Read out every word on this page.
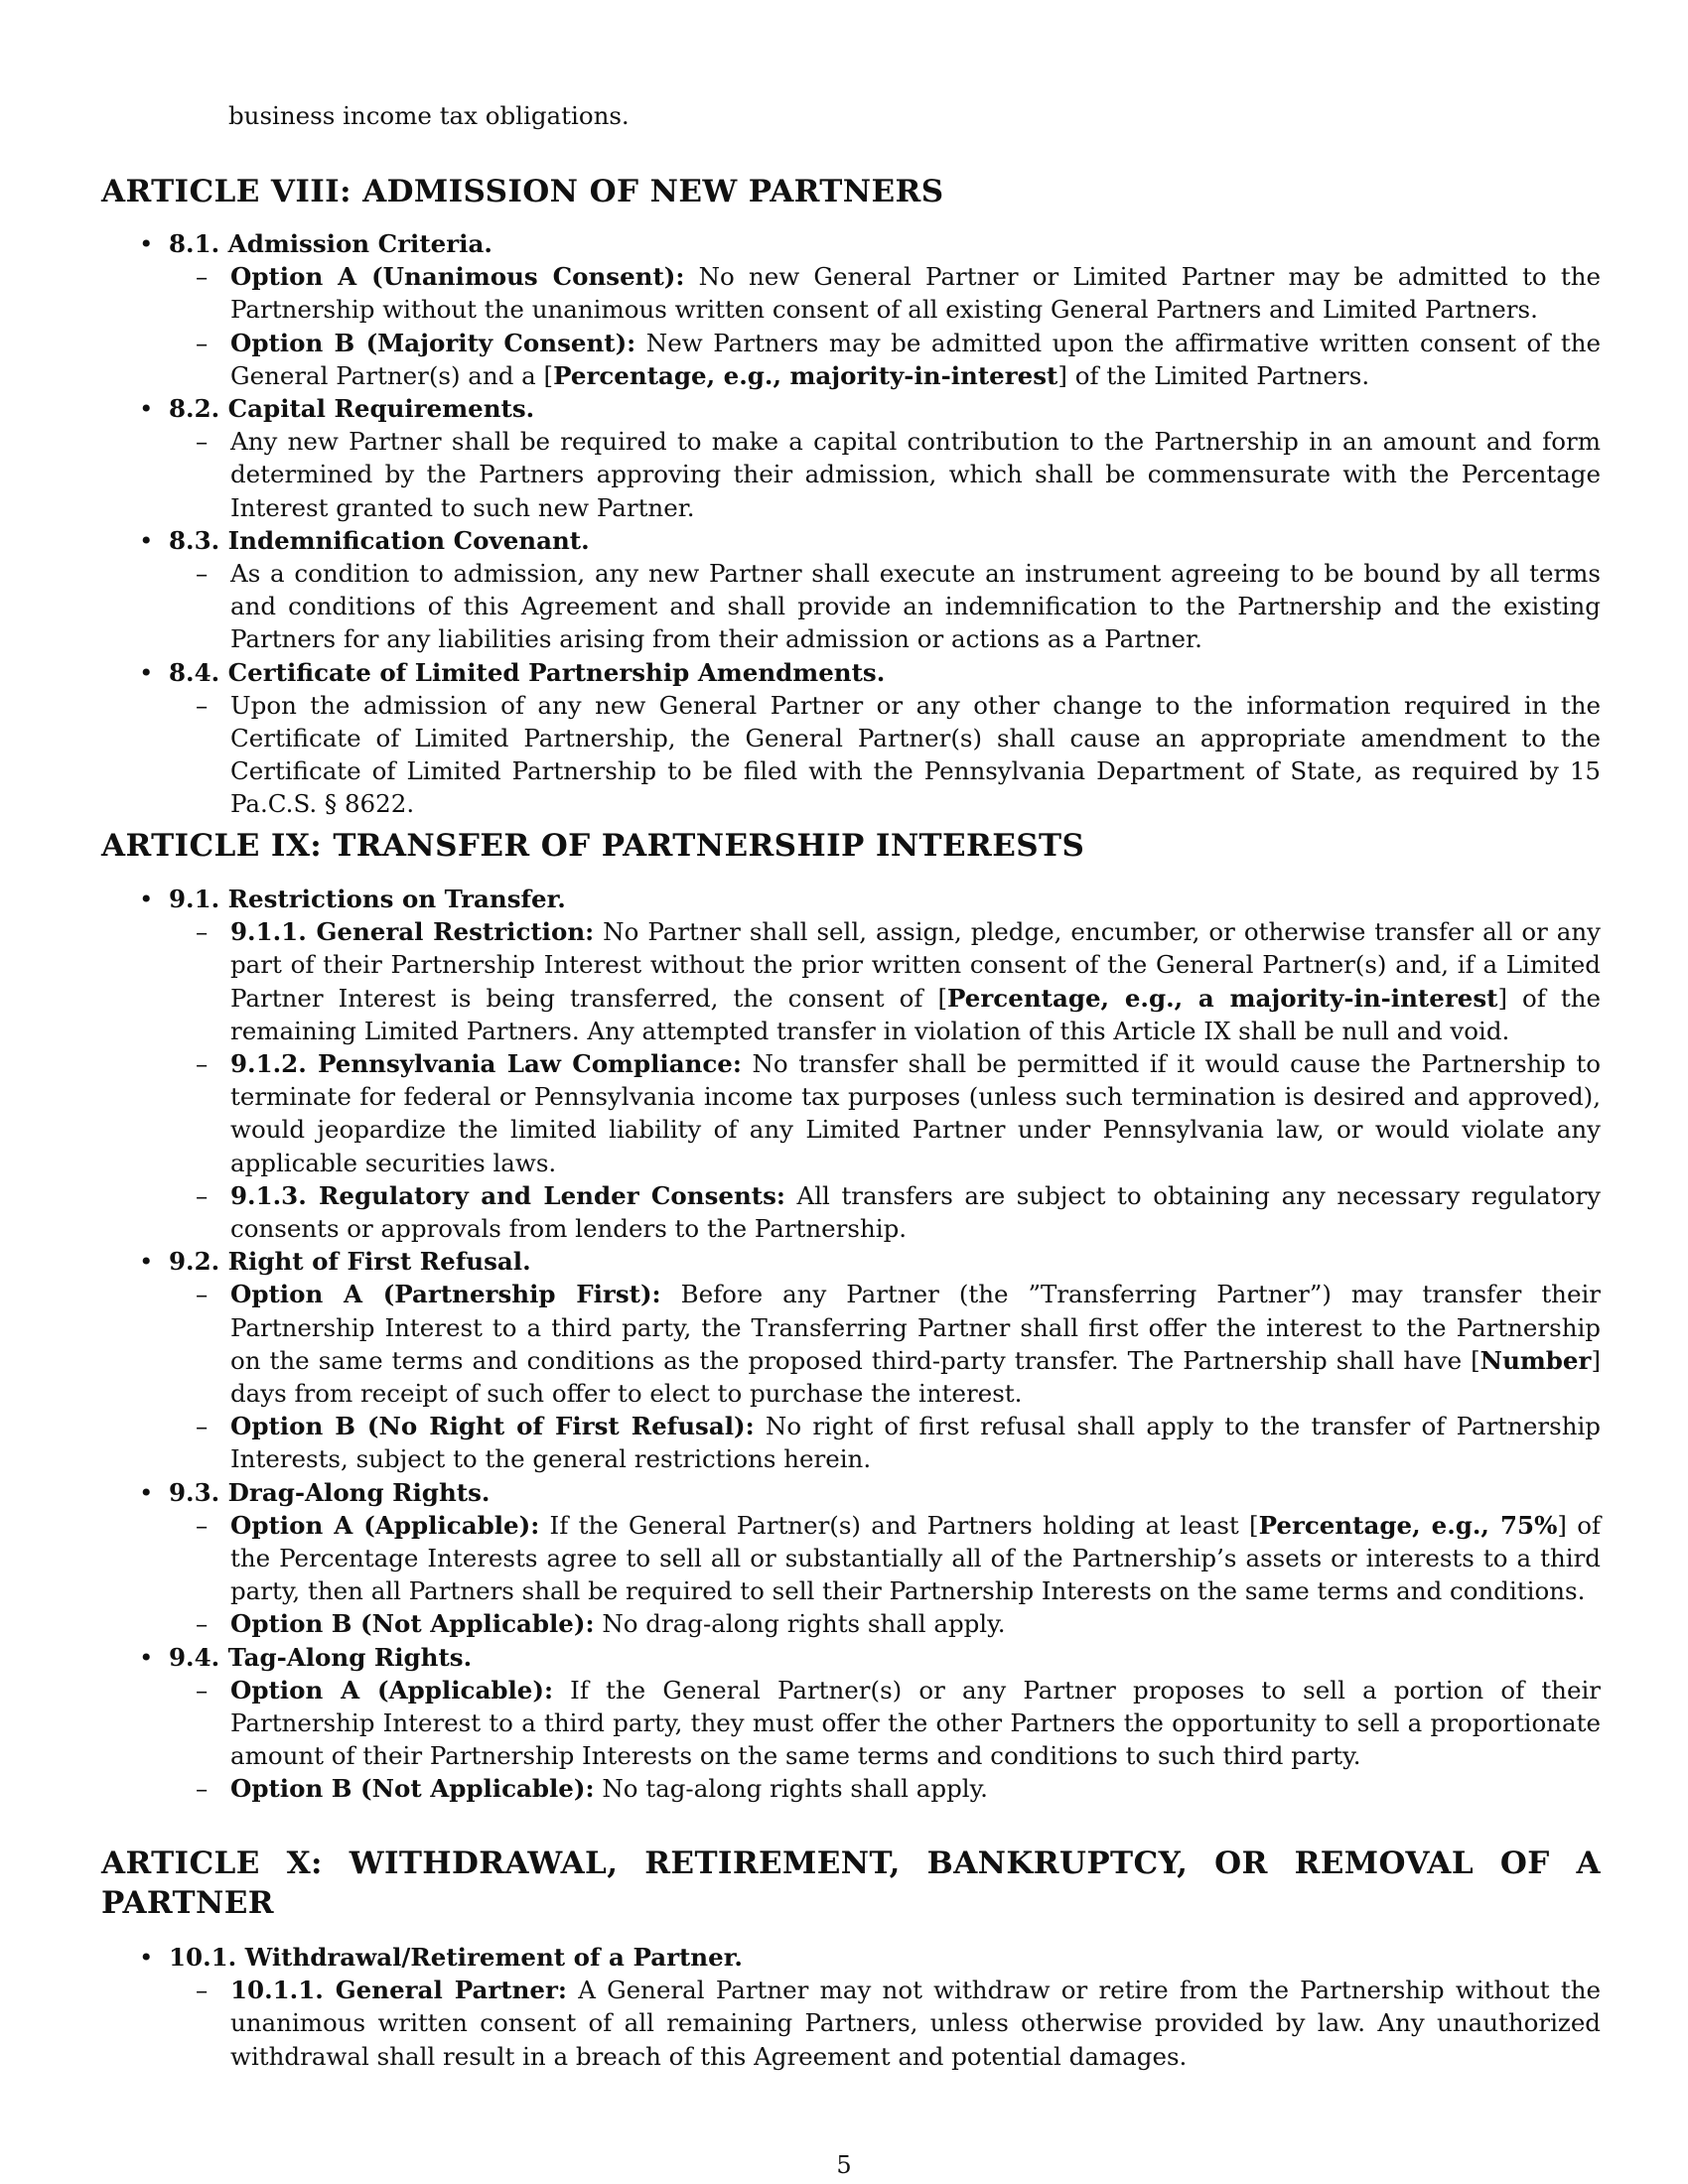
business income tax obligations.
ARTICLE VIII: ADMISSION OF NEW PARTNERS
• 8.1. Admission Criteria.
– Option A (Unanimous Consent): No new General Partner or Limited Partner may be admitted to the Partnership without the unanimous written consent of all existing General Partners and Limited Partners.
– Option B (Majority Consent): New Partners may be admitted upon the affirmative written consent of the General Partner(s) and a [Percentage, e.g., majority-in-interest] of the Limited Partners.
• 8.2. Capital Requirements.
– Any new Partner shall be required to make a capital contribution to the Partnership in an amount and form determined by the Partners approving their admission, which shall be commensurate with the Percentage Interest granted to such new Partner.
• 8.3. Indemnification Covenant.
– As a condition to admission, any new Partner shall execute an instrument agreeing to be bound by all terms and conditions of this Agreement and shall provide an indemnification to the Partnership and the existing Partners for any liabilities arising from their admission or actions as a Partner.
• 8.4. Certificate of Limited Partnership Amendments.
– Upon the admission of any new General Partner or any other change to the information required in the Certificate of Limited Partnership, the General Partner(s) shall cause an appropriate amendment to the Certificate of Limited Partnership to be filed with the Pennsylvania Department of State, as required by 15 Pa.C.S. § 8622.
ARTICLE IX: TRANSFER OF PARTNERSHIP INTERESTS
• 9.1. Restrictions on Transfer.
– 9.1.1. General Restriction: No Partner shall sell, assign, pledge, encumber, or otherwise transfer all or any part of their Partnership Interest without the prior written consent of the General Partner(s) and, if a Limited Partner Interest is being transferred, the consent of [Percentage, e.g., a majority-in-interest] of the remaining Limited Partners. Any attempted transfer in violation of this Article IX shall be null and void.
– 9.1.2. Pennsylvania Law Compliance: No transfer shall be permitted if it would cause the Partnership to terminate for federal or Pennsylvania income tax purposes (unless such termination is desired and approved), would jeopardize the limited liability of any Limited Partner under Pennsylvania law, or would violate any applicable securities laws.
– 9.1.3. Regulatory and Lender Consents: All transfers are subject to obtaining any necessary regulatory consents or approvals from lenders to the Partnership.
• 9.2. Right of First Refusal.
– Option A (Partnership First): Before any Partner (the ”Transferring Partner”) may transfer their Partnership Interest to a third party, the Transferring Partner shall first offer the interest to the Partnership on the same terms and conditions as the proposed third-party transfer. The Partnership shall have [Number] days from receipt of such offer to elect to purchase the interest.
– Option B (No Right of First Refusal): No right of first refusal shall apply to the transfer of Partnership Interests, subject to the general restrictions herein.
• 9.3. Drag-Along Rights.
– Option A (Applicable): If the General Partner(s) and Partners holding at least [Percentage, e.g., 75%] of the Percentage Interests agree to sell all or substantially all of the Partnership’s assets or interests to a third party, then all Partners shall be required to sell their Partnership Interests on the same terms and conditions.
– Option B (Not Applicable): No drag-along rights shall apply.
• 9.4. Tag-Along Rights.
– Option A (Applicable): If the General Partner(s) or any Partner proposes to sell a portion of their Partnership Interest to a third party, they must offer the other Partners the opportunity to sell a proportionate amount of their Partnership Interests on the same terms and conditions to such third party.
– Option B (Not Applicable): No tag-along rights shall apply.
ARTICLE X: WITHDRAWAL, RETIREMENT, BANKRUPTCY, OR REMOVAL OF A PARTNER
• 10.1. Withdrawal/Retirement of a Partner.
– 10.1.1. General Partner: A General Partner may not withdraw or retire from the Partnership without the unanimous written consent of all remaining Partners, unless otherwise provided by law. Any unauthorized withdrawal shall result in a breach of this Agreement and potential damages.
5
